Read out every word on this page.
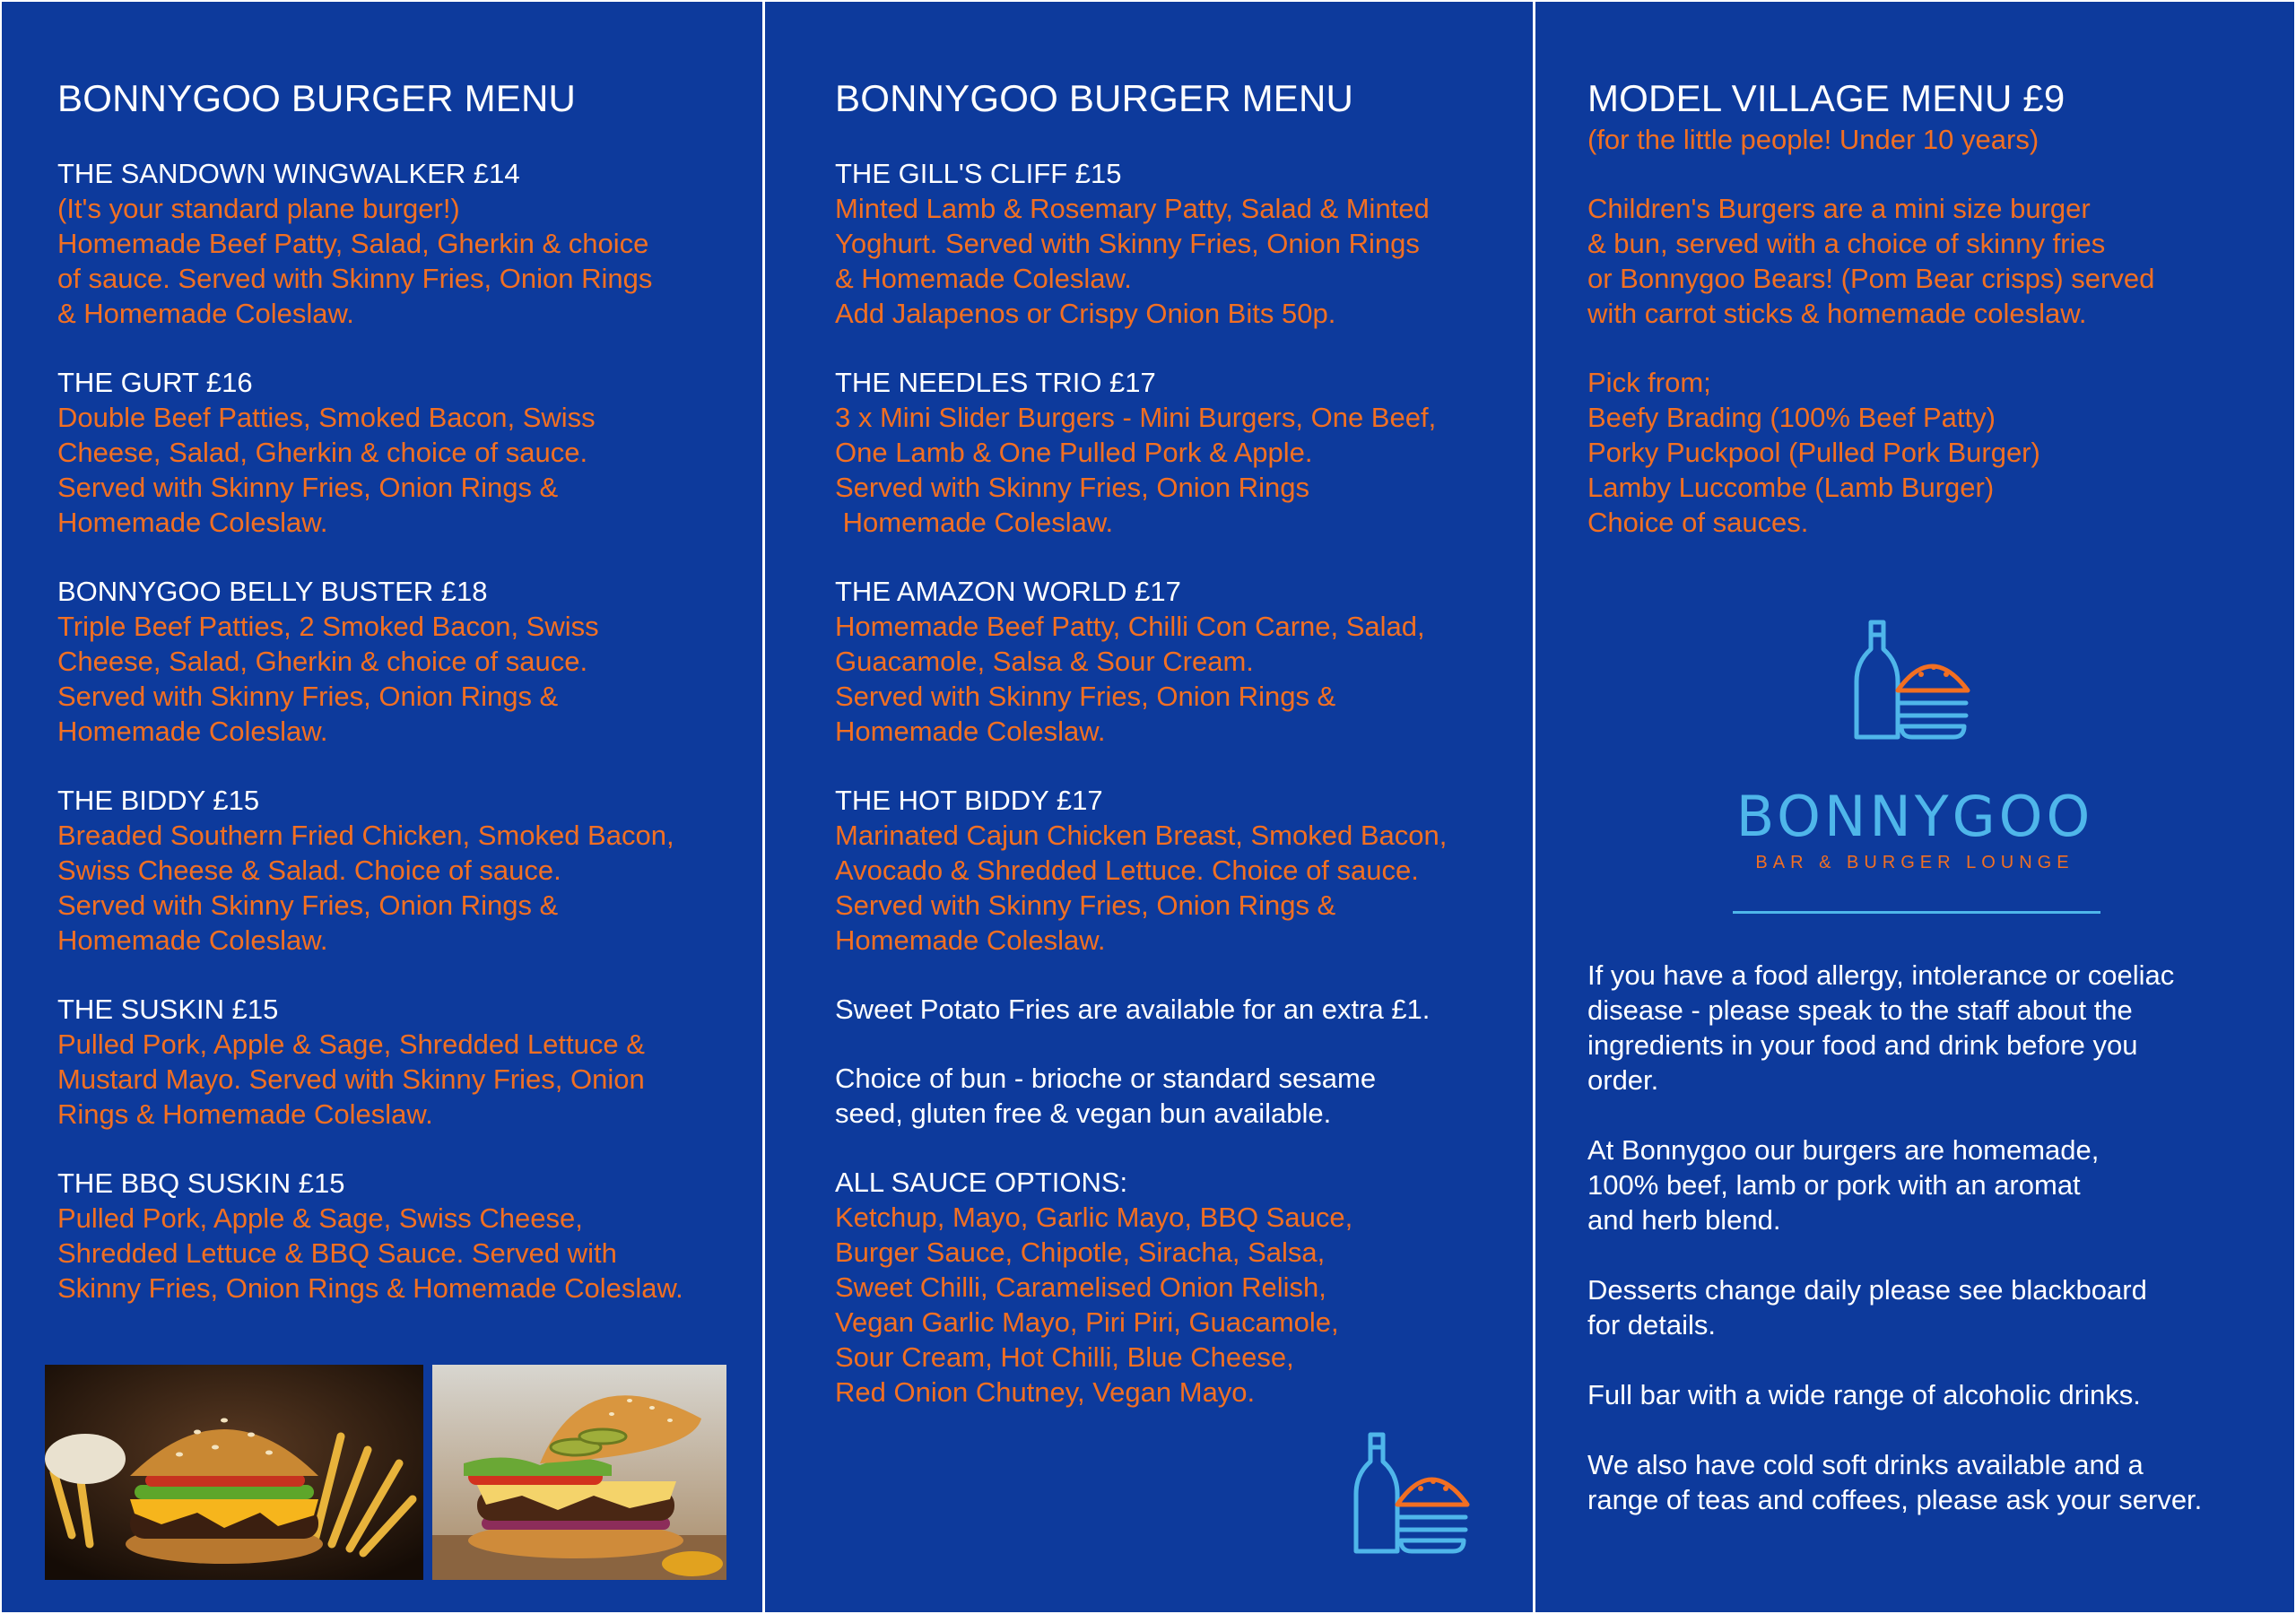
BONNYGOO BURGER MENU
THE SANDOWN WINGWALKER £14
(It's your standard plane burger!)
Homemade Beef Patty, Salad, Gherkin & choice
of sauce. Served with Skinny Fries, Onion Rings
& Homemade Coleslaw.
THE GURT £16
Double Beef Patties, Smoked Bacon, Swiss
Cheese, Salad, Gherkin & choice of sauce.
Served with Skinny Fries, Onion Rings &
Homemade Coleslaw.
BONNYGOO BELLY BUSTER £18
Triple Beef Patties, 2 Smoked Bacon, Swiss
Cheese, Salad, Gherkin & choice of sauce.
Served with Skinny Fries, Onion Rings &
Homemade Coleslaw.
THE BIDDY £15
Breaded Southern Fried Chicken, Smoked Bacon,
Swiss Cheese & Salad. Choice of sauce.
Served with Skinny Fries, Onion Rings &
Homemade Coleslaw.
THE SUSKIN £15
Pulled Pork, Apple & Sage, Shredded Lettuce &
Mustard Mayo. Served with Skinny Fries, Onion
Rings & Homemade Coleslaw.
THE BBQ SUSKIN £15
Pulled Pork, Apple & Sage, Swiss Cheese,
Shredded Lettuce & BBQ Sauce. Served with
Skinny Fries, Onion Rings & Homemade Coleslaw.
BONNYGOO BURGER MENU
THE GILL'S CLIFF £15
Minted Lamb & Rosemary Patty, Salad & Minted
Yoghurt. Served with Skinny Fries, Onion Rings
& Homemade Coleslaw.
Add Jalapenos or Crispy Onion Bits 50p.
THE NEEDLES TRIO £17
3 x Mini Slider Burgers - Mini Burgers, One Beef,
One Lamb & One Pulled Pork & Apple.
Served with Skinny Fries, Onion Rings
Homemade Coleslaw.
THE AMAZON WORLD £17
Homemade Beef Patty, Chilli Con Carne, Salad,
Guacamole, Salsa & Sour Cream.
Served with Skinny Fries, Onion Rings &
Homemade Coleslaw.
THE HOT BIDDY £17
Marinated Cajun Chicken Breast, Smoked Bacon,
Avocado & Shredded Lettuce. Choice of sauce.
Served with Skinny Fries, Onion Rings &
Homemade Coleslaw.
Sweet Potato Fries are available for an extra £1.
Choice of bun - brioche or standard sesame
seed, gluten free & vegan bun available.
ALL SAUCE OPTIONS:
Ketchup, Mayo, Garlic Mayo, BBQ Sauce,
Burger Sauce, Chipotle, Siracha, Salsa,
Sweet Chilli, Caramelised Onion Relish,
Vegan Garlic Mayo, Piri Piri, Guacamole,
Sour Cream, Hot Chilli, Blue Cheese,
Red Onion Chutney, Vegan Mayo.
MODEL VILLAGE MENU £9
(for the little people! Under 10 years)
Children's Burgers are a mini size burger
& bun, served with a choice of skinny fries
or Bonnygoo Bears! (Pom Bear crisps) served
with carrot sticks & homemade coleslaw.
Pick from;
Beefy Brading (100% Beef Patty)
Porky Puckpool (Pulled Pork Burger)
Lamby Luccombe (Lamb Burger)
Choice of sauces.
BONNYGOO
BAR & BURGER LOUNGE
If you have a food allergy, intolerance or coeliac
disease - please speak to the staff about the
ingredients in your food and drink before you
order.
At Bonnygoo our burgers are homemade,
100% beef, lamb or pork with an aromat
and herb blend.
Desserts change daily please see blackboard
for details.
Full bar with a wide range of alcoholic drinks.
We also have cold soft drinks available and a
range of teas and coffees, please ask your server.
